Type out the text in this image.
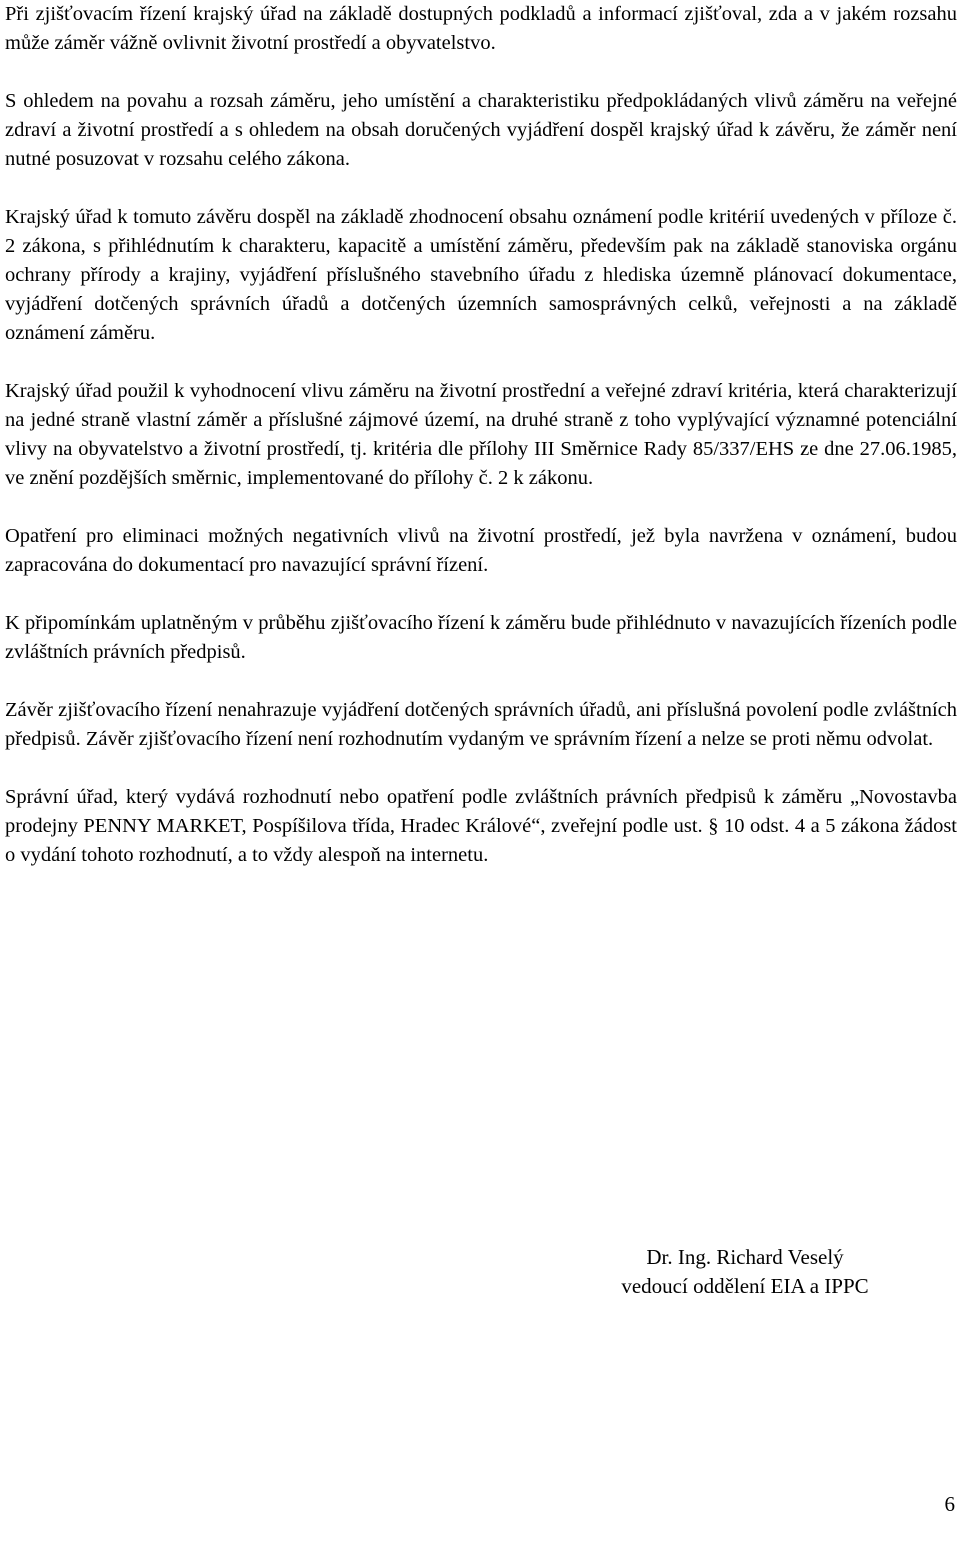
Při zjišťovacím řízení krajský úřad na základě dostupných podkladů a informací zjišťoval, zda a v jakém rozsahu může záměr vážně ovlivnit životní prostředí a obyvatelstvo.

S ohledem na povahu a rozsah záměru, jeho umístění a charakteristiku předpokládaných vlivů záměru na veřejné zdraví a životní prostředí a s ohledem na obsah doručených vyjádření dospěl krajský úřad k závěru, že záměr není nutné posuzovat v rozsahu celého zákona.

Krajský úřad k tomuto závěru dospěl na základě zhodnocení obsahu oznámení podle kritérií uvedených v příloze č. 2 zákona, s přihlédnutím k charakteru, kapacitě a umístění záměru, především pak na základě stanoviska orgánu ochrany přírody a krajiny, vyjádření příslušného stavebního úřadu z hlediska územně plánovací dokumentace, vyjádření dotčených správních úřadů a dotčených územních samosprávných celků, veřejnosti a na základě oznámení záměru.

Krajský úřad použil k vyhodnocení vlivu záměru na životní prostřední a veřejné zdraví kritéria, která charakterizují na jedné straně vlastní záměr a příslušné zájmové území, na druhé straně z toho vyplývající významné potenciální vlivy na obyvatelstvo a životní prostředí, tj. kritéria dle přílohy III Směrnice Rady 85/337/EHS ze dne 27.06.1985, ve znění pozdějších směrnic, implementované do přílohy č. 2 k zákonu.

Opatření pro eliminaci možných negativních vlivů na životní prostředí, jež byla navržena v oznámení, budou zapracována do dokumentací pro navazující správní řízení.

K připomínkám uplatněným v průběhu zjišťovacího řízení k záměru bude přihlédnuto v navazujících řízeních podle zvláštních právních předpisů.

Závěr zjišťovacího řízení nenahrazuje vyjádření dotčených správních úřadů, ani příslušná povolení podle zvláštních předpisů. Závěr zjišťovacího řízení není rozhodnutím vydaným ve správním řízení a nelze se proti němu odvolat.

Správní úřad, který vydává rozhodnutí nebo opatření podle zvláštních právních předpisů k záměru „Novostavba prodejny PENNY MARKET, Pospíšilova třída, Hradec Králové“, zveřejní podle ust. § 10 odst. 4 a 5 zákona žádost o vydání tohoto rozhodnutí, a to vždy alespoň na internetu.

Dr. Ing. Richard Veselý
vedoucí oddělení EIA a IPPC
6
